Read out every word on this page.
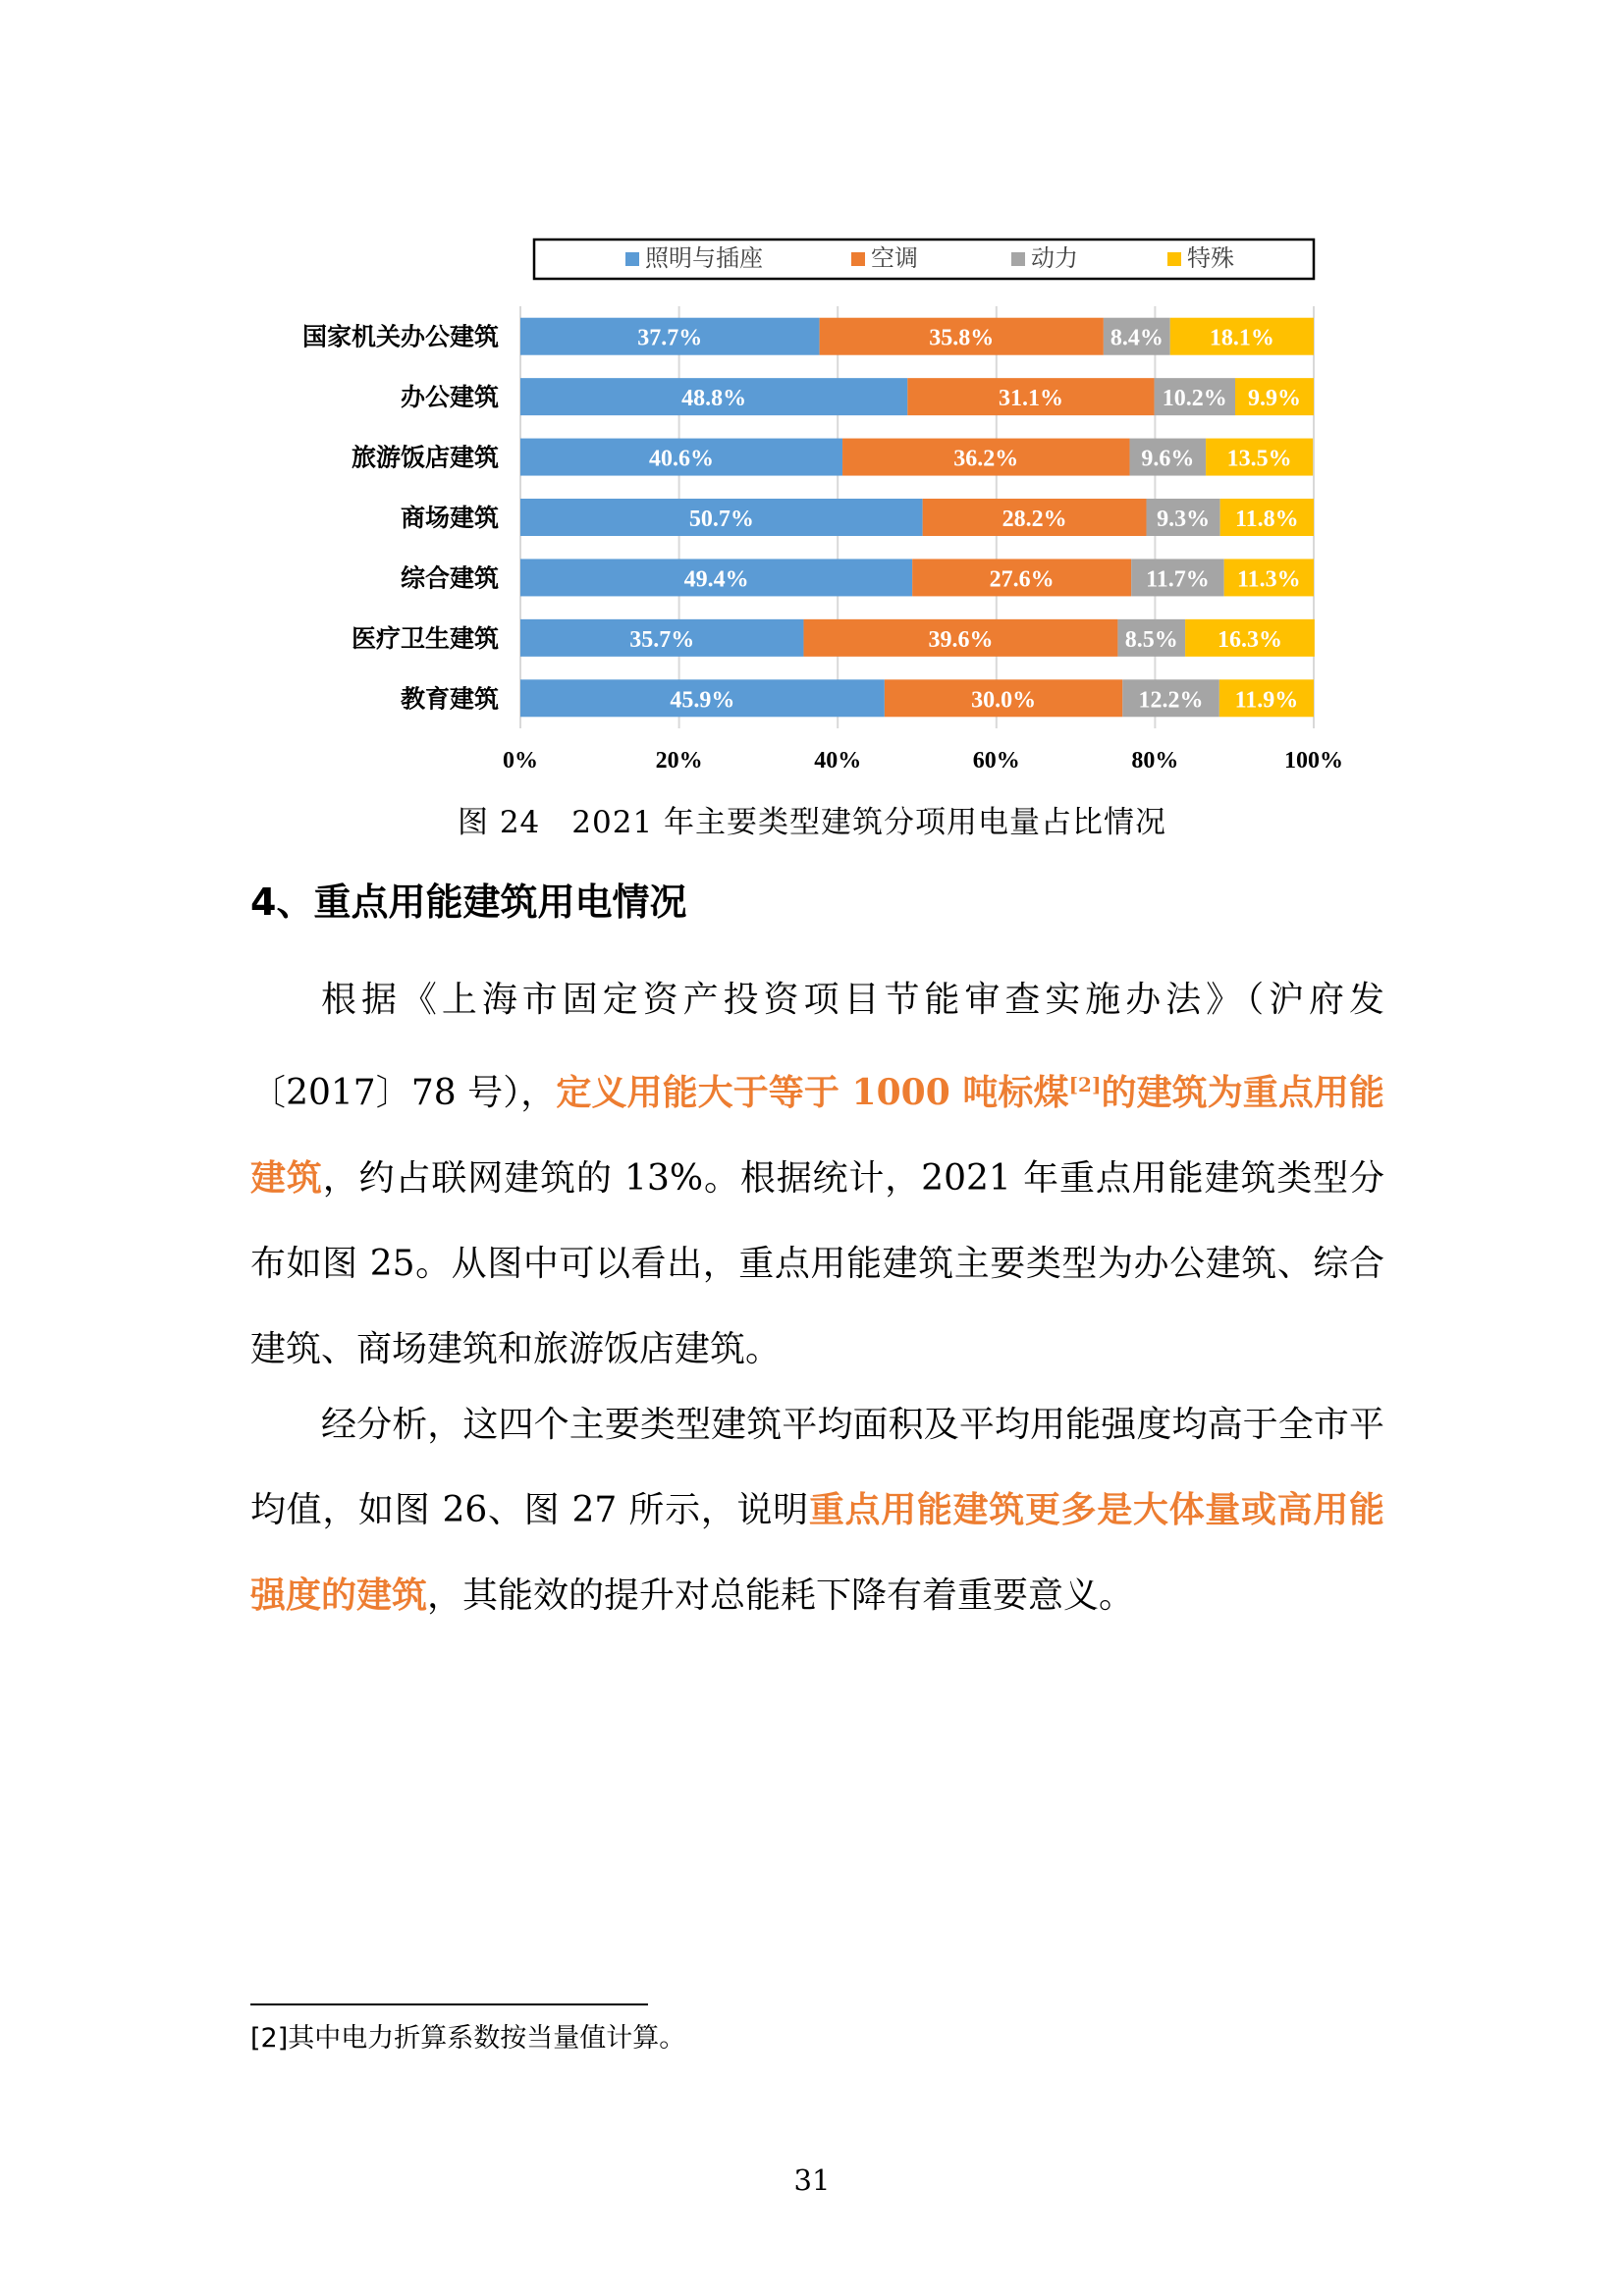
照明与插座	空调	动力	特殊
国家机关办公建筑	37.7%	35.8%	8.4% 18.1%
办公建筑	48.8%	31.1%	10.2% 9.9%
旅游饭店建筑	40.6%	36.2%	9.6% 13.5%
商场建筑	50.7%	28.2%	9.3% 11.8%
综合建筑	49.4%	27.6%	11.7% 11.3%
医疗卫生建筑	35.7%	39.6%	8.5% 16.3%
教育建筑	45.9%	30.0%	12.2% 11.9%
0%	20%	40%	60%	80%	100%
图 24　2021 年主要类型建筑分项用电量占比情况
4、重点用能建筑用电情况
根据《上海市固定资产投资项目节能审查实施办法》（沪府发〔2017〕78 号），定义用能大于等于 1000 吨标煤[2]的建筑为重点用能建筑，约占联网建筑的 13%。根据统计，2021 年重点用能建筑类型分布如图 25。从图中可以看出，重点用能建筑主要类型为办公建筑、综合建筑、商场建筑和旅游饭店建筑。
经分析，这四个主要类型建筑平均面积及平均用能强度均高于全市平均值，如图 26、图 27 所示，说明重点用能建筑更多是大体量或高用能强度的建筑，其能效的提升对总能耗下降有着重要意义。
[2]其中电力折算系数按当量值计算。
31
